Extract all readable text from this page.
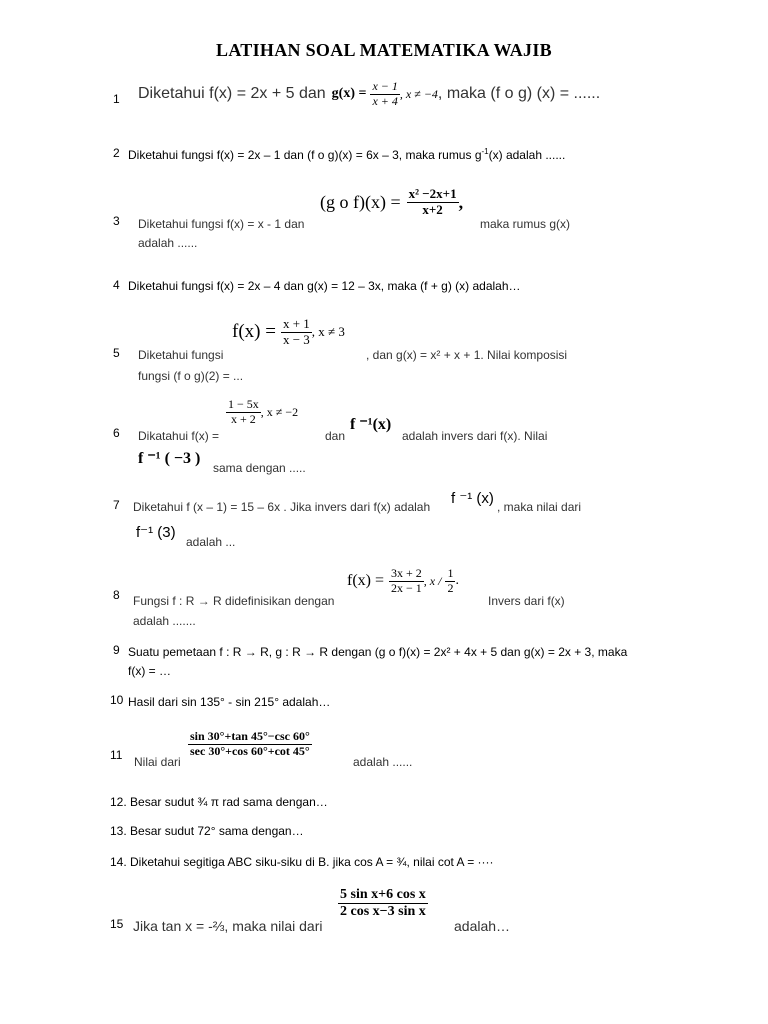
LATIHAN SOAL MATEMATIKA WAJIB
1 Diketahui f(x) = 2x + 5 dan $g(x) = \frac{x - 1}{x + 4}$ , x ≠ −4 , maka (f o g) (x) = ......
2 Diketahui fungsi f(x) = 2x – 1 dan (f o g)(x) = 6x – 3, maka rumus $g^{-1}(x)$ adalah ......
3 Diketahui fungsi f(x) = x - 1 dan
(g o $f)(x) = \frac{\text{x² −2x+1}}{x+2}$ ,
maka rumus g(x)
adalah ......
4 Diketahui fungsi f(x) = 2x – 4 dan g(x) = 12 – 3x, maka (f + g) (x) adalah…
5 Diketahui fungsi
$f(x) = \frac{x + 1}{x - 3}$ , x ≠ 3
, dan g(x) = x² + x + 1. Nilai komposisi
fungsi (f o g)(2) = ...
6 Dikatahui f(x) =
$\frac{1 - 5x}{x + 2}$ , x ≠ −2
dan
f ⁻¹(x)
adalah invers dari f(x). Nilai
f ⁻¹ ( −3 )
sama dengan .....
7 Diketahui f (x – 1) = 15 – 6x . Jika invers dari f(x) adalah f ⁻¹ (x) , maka nilai dari
f⁻¹ (3)
adalah ...
8 Fungsi f : R → R didefinisikan dengan
$f(x) = \frac{3x + 2}{2x - 1}$ , x / $\frac{1}{2}$ .
Invers dari f(x)
adalah .......
9 Suatu pemetaan f : R → R, g : R → R dengan (g o f)(x) = 2x² + 4x + 5 dan g(x) = 2x + 3, maka
f(x) = …
10 Hasil dari sin 135° - sin 215° adalah…
11 Nilai dari
$\frac{\sin 30^\circ+\tan 45^\circ-\csc 60^\circ}{\sec 30^\circ+\cos 60^\circ+\cot 45^\circ}$
adalah ......
12. Besar sudut ¾ π rad sama dengan…
13. Besar sudut 72° sama dengan…
14. Diketahui segitiga ABC siku-siku di B. jika cos A = ¾, nilai cot A = ····
15 Jika tan x = -⅔, maka nilai dari
$\frac{\text{5 sin x+6 cos x}}{\text{2 cos x−3 sin x}}$
adalah…
